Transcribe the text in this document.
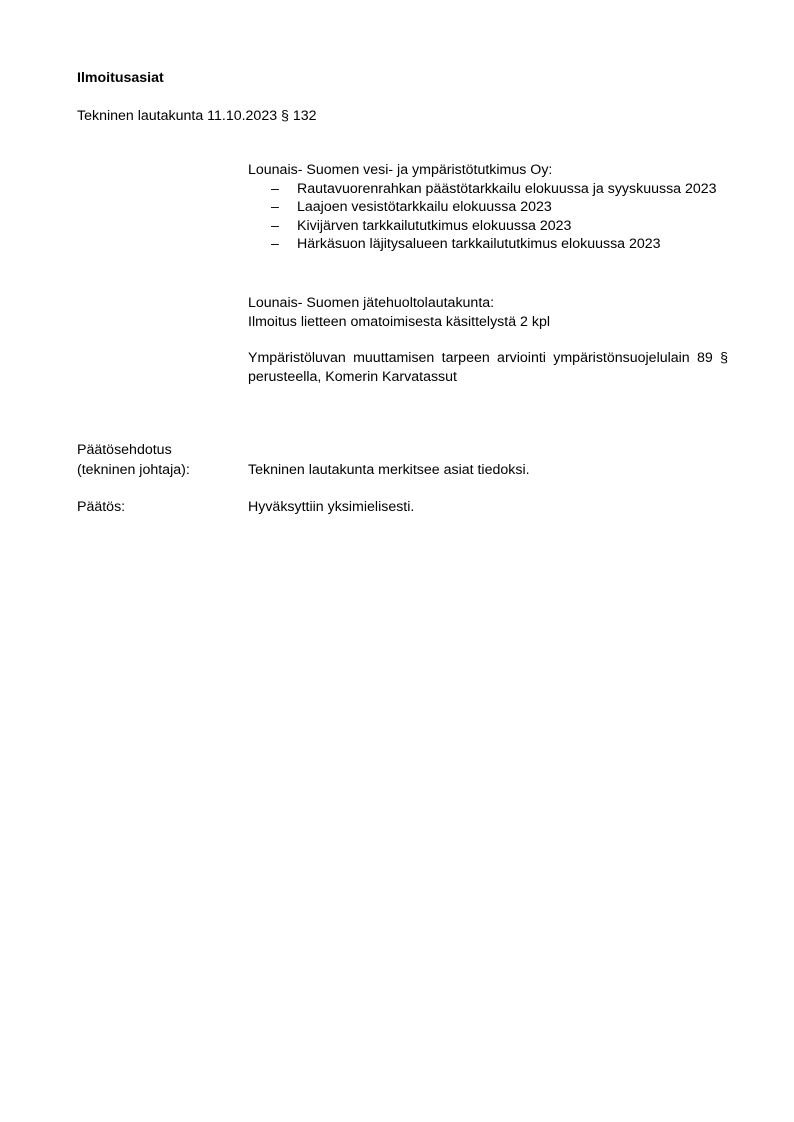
Ilmoitusasiat
Tekninen lautakunta 11.10.2023 § 132

Lounais- Suomen vesi- ja ympäristötutkimus Oy:

– Rautavuorenrahkan päästötarkkailu elokuussa ja syyskuussa 2023
– Laajoen vesistötarkkailu elokuussa 2023
– Kivijärven tarkkailututkimus elokuussa 2023
– Härkäsuon läjitysalueen tarkkailututkimus elokuussa 2023

Lounais- Suomen jätehuoltolautakunta:

Ilmoitus lietteen omatoimisesta käsittelystä 2 kpl

Ympäristöluvan muuttamisen tarpeen arviointi ympäristönsuojelulain 89 § perusteella, Komerin Karvatassut

Päätösehdotus
(tekninen johtaja):	Tekninen lautakunta merkitsee asiat tiedoksi.
Päätös:	Hyväksyttiin yksimielisesti.
